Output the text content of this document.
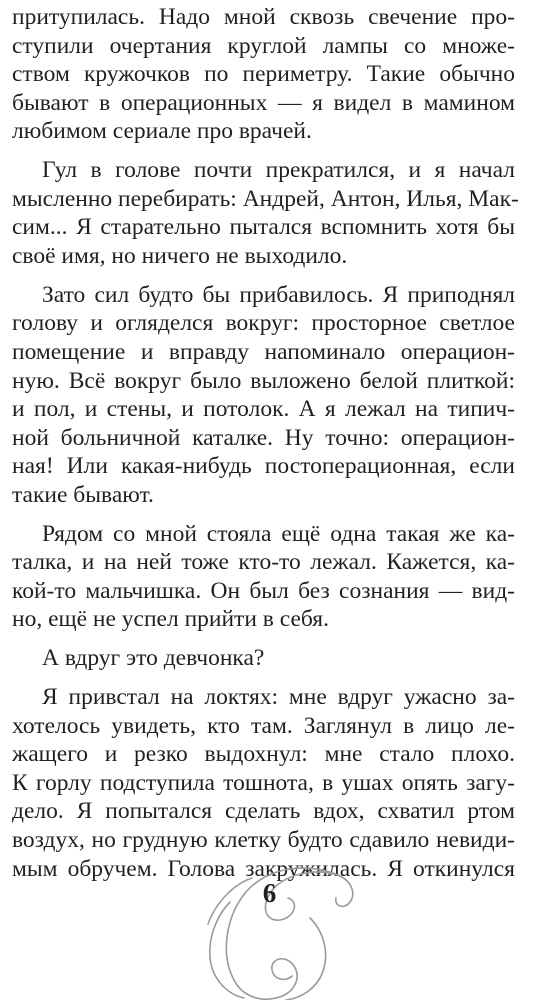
притупилась. Надо мной сквозь свечение про-
ступили очертания круглой лампы со множе-
ством кружочков по периметру. Такие обычно
бывают в операционных — я видел в мамином
любимом сериале про врачей.
Гул в голове почти прекратился, и я начал
мысленно перебирать: Андрей, Антон, Илья, Мак-
сим... Я старательно пытался вспомнить хотя бы
своё имя, но ничего не выходило.
Зато сил будто бы прибавилось. Я приподнял
голову и огляделся вокруг: просторное светлое
помещение и вправду напоминало операцион-
ную. Всё вокруг было выложено белой плиткой:
и пол, и стены, и потолок. А я лежал на типич-
ной больничной каталке. Ну точно: операцион-
ная! Или какая-нибудь постоперационная, если
такие бывают.
Рядом со мной стояла ещё одна такая же ка-
талка, и на ней тоже кто-то лежал. Кажется, ка-
кой-то мальчишка. Он был без сознания — вид-
но, ещё не успел прийти в себя.
А вдруг это девчонка?
Я привстал на локтях: мне вдруг ужасно за-
хотелось увидеть, кто там. Заглянул в лицо ле-
жащего и резко выдохнул: мне стало плохо.
К горлу подступила тошнота, в ушах опять загу-
дело. Я попытался сделать вдох, схватил ртом
воздух, но грудную клетку будто сдавило невиди-
мым обручем. Голова закружилась. Я откинулся
6
